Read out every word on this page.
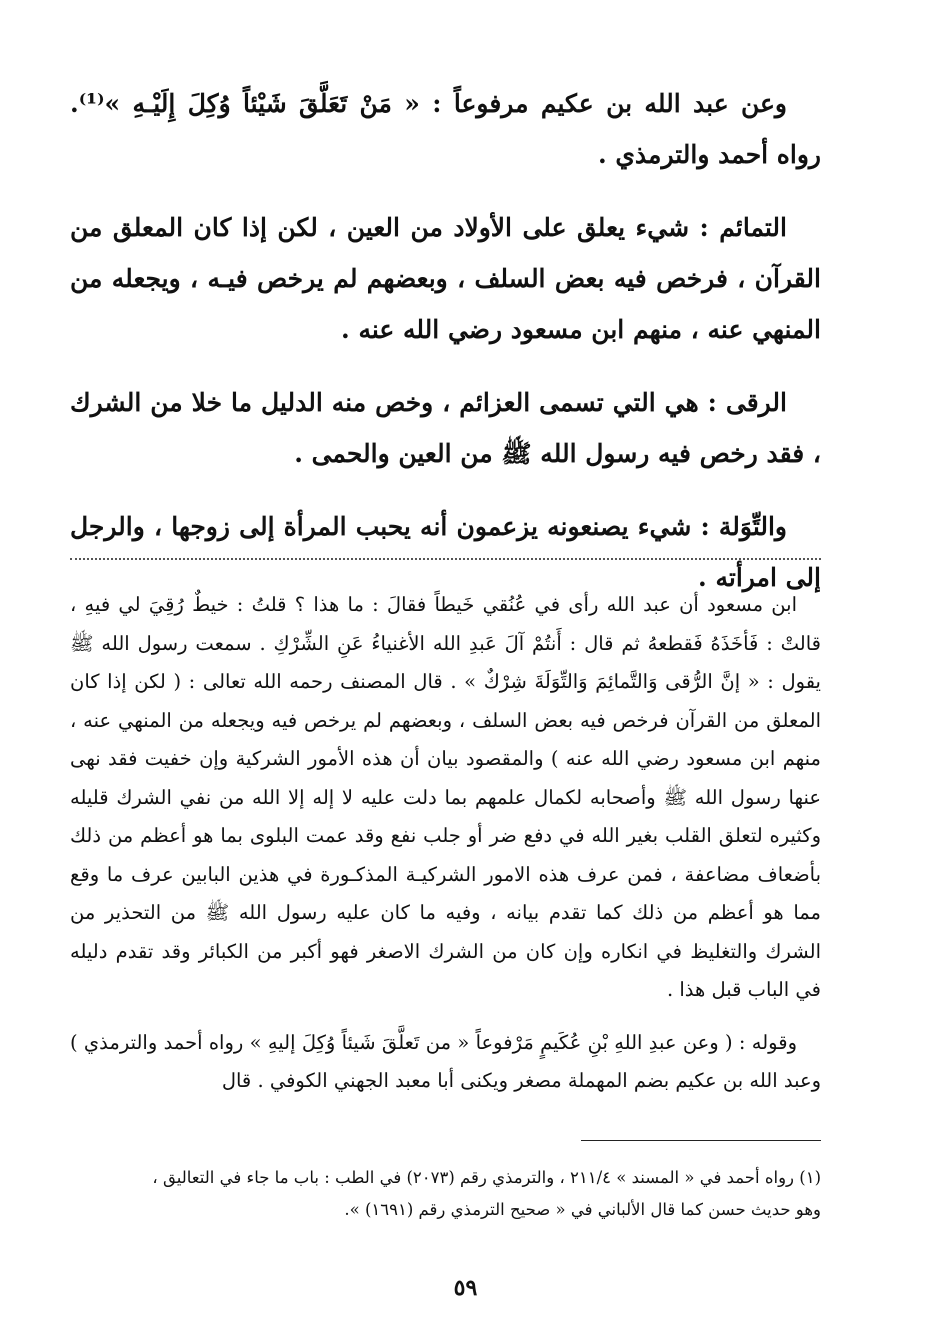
وعن عبد الله بن عكيم مرفوعاً : « مَنْ تَعَلَّقَ شَيْئاً وُكِلَ إِلَيْـهِ »⁽¹⁾. رواه أحمد والترمذي .

التمائم : شيء يعلق على الأولاد من العين ، لكن إذا كان المعلق من القرآن ، فرخص فيه بعض السلف ، وبعضهم لم يرخص فيـه ، ويجعله من المنهي عنه ، منهم ابن مسعود رضي الله عنه .

الرقى : هي التي تسمى العزائم ، وخص منه الدليل ما خلا من الشرك ، فقد رخص فيه رسول الله ﷺ من العين والحمى .

والتِّوَلة : شيء يصنعونه يزعمون أنه يحبب المرأة إلى زوجها ، والرجل إلى امرأته .

ابن مسعود أن عبد الله رأى في عُنُقي خَيطاً فقالَ : ما هذا ؟ قلتُ : خيطٌ رُقِيَ لي فيهِ ، قالتْ : فَأخَذَهُ فَقطعهُ ثم قال : أَنتُمْ آلَ عَبدِ الله الأغنياءُ عَنِ الشِّرْكِ . سمعت رسول الله ﷺ يقول : « إنَّ الرُّقى وَالتَّمائِمَ وَالتِّوَلَةَ شِرْكٌ » . قال المصنف رحمه الله تعالى : ( لكن إذا كان المعلق من القرآن فرخص فيه بعض السلف ، وبعضهم لم يرخص فيه ويجعله من المنهي عنه ، منهم ابن مسعود رضي الله عنه ) والمقصود بيان أن هذه الأمور الشركية وإن خفيت فقد نهى عنها رسول الله ﷺ وأصحابه لكمال علمهم بما دلت عليه لا إله إلا الله من نفي الشرك قليله وكثيره لتعلق القلب بغير الله في دفع ضر أو جلب نفع وقد عمت البلوى بما هو أعظم من ذلك بأضعاف مضاعفة ، فمن عرف هذه الامور الشركيـة المذكـورة في هذين البابين عرف ما وقع مما هو أعظم من ذلك كما تقدم بيانه ، وفيه ما كان عليه رسول الله ﷺ من التحذير من الشرك والتغليظ في انكاره وإن كان من الشرك الاصغر فهو أكبر من الكبائر وقد تقدم دليله في الباب قبل هذا .

وقوله : ( وعن عبدِ اللهِ بْنِ عُكَيمٍ مَرْفوعاً « من تَعلَّقَ شَيئاً وُكِلَ إليهِ » رواه أحمد والترمذي ) وعبد الله بن عكيم بضم المهملة مصغر ويكنى أبا معبد الجهني الكوفي . قال

(١) رواه أحمد في « المسند » ٢١١/٤ ، والترمذي رقم (٢٠٧٣) في الطب : باب ما جاء في التعاليق ،

وهو حديث حسن كما قال الألباني في « صحيح الترمذي رقم (١٦٩١) ».

٥٩
